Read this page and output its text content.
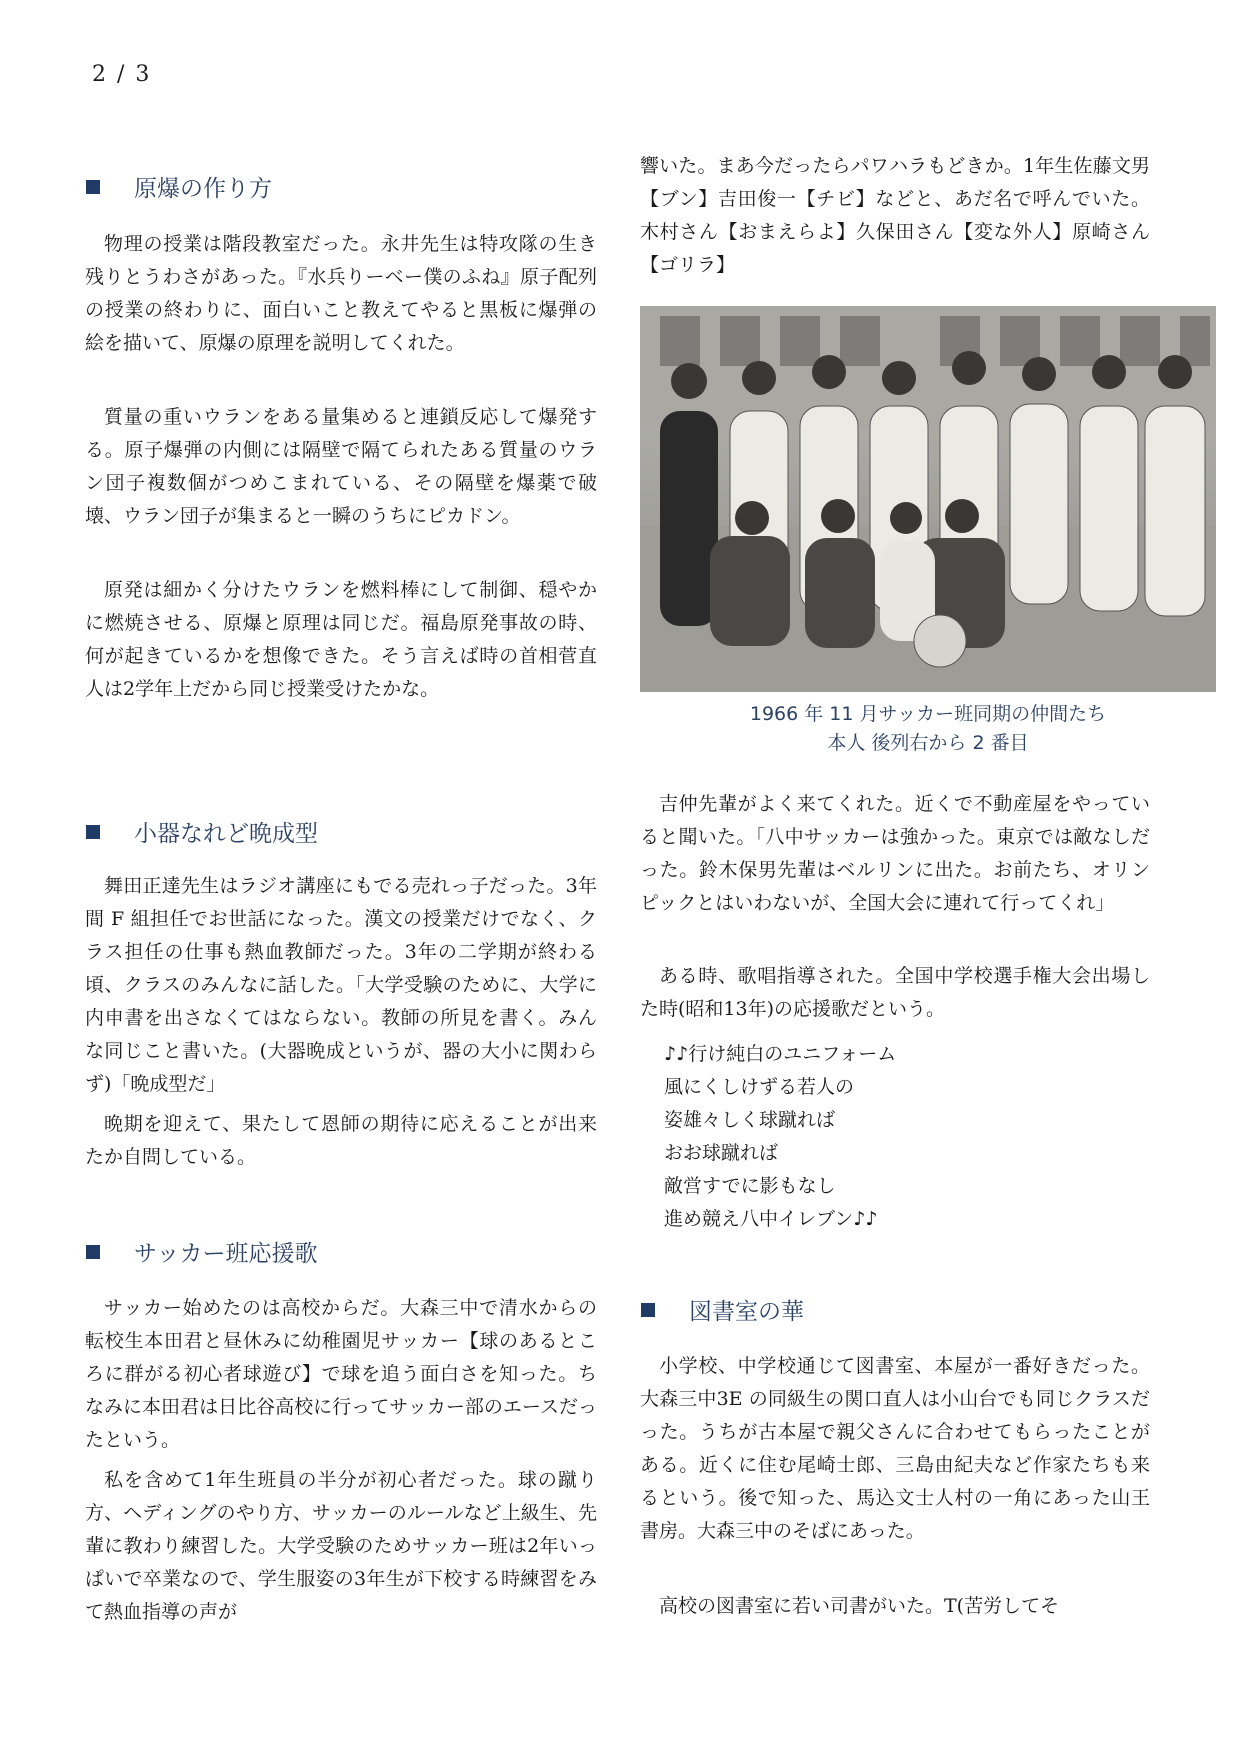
2 / 3
原爆の作り方

物理の授業は階段教室だった。永井先生は特攻隊の生き残りとうわさがあった。『水兵りーベー僕のふね』原子配列の授業の終わりに、面白いこと教えてやると黒板に爆弾の絵を描いて、原爆の原理を説明してくれた。

質量の重いウランをある量集めると連鎖反応して爆発する。原子爆弾の内側には隔壁で隔てられたある質量のウラン団子複数個がつめこまれている、その隔壁を爆薬で破壊、ウラン団子が集まると一瞬のうちにピカドン。

原発は細かく分けたウランを燃料棒にして制御、穏やかに燃焼させる、原爆と原理は同じだ。福島原発事故の時、何が起きているかを想像できた。そう言えば時の首相菅直人は2学年上だから同じ授業受けたかな。

小器なれど晩成型

舞田正達先生はラジオ講座にもでる売れっ子だった。3年間 F 組担任でお世話になった。漢文の授業だけでなく、クラス担任の仕事も熱血教師だった。3年の二学期が終わる頃、クラスのみんなに話した。「大学受験のために、大学に内申書を出さなくてはならない。教師の所見を書く。みんな同じこと書いた。(大器晩成というが、器の大小に関わらず)「晩成型だ」

晩期を迎えて、果たして恩師の期待に応えることが出来たか自問している。

サッカー班応援歌

サッカー始めたのは高校からだ。大森三中で清水からの転校生本田君と昼休みに幼稚園児サッカー【球のあるところに群がる初心者球遊び】で球を追う面白さを知った。ちなみに本田君は日比谷高校に行ってサッカー部のエースだったという。

私を含めて1年生班員の半分が初心者だった。球の蹴り方、ヘディングのやり方、サッカーのルールなど上級生、先輩に教わり練習した。大学受験のためサッカー班は2年いっぱいで卒業なので、学生服姿の3年生が下校する時練習をみて熱血指導の声が

響いた。まあ今だったらパワハラもどきか。1年生佐藤文男【ブン】吉田俊一【チビ】などと、あだ名で呼んでいた。木村さん【おまえらよ】久保田さん【変な外人】原崎さん【ゴリラ】

1966 年 11 月サッカー班同期の仲間たち
本人 後列右から 2 番目

吉仲先輩がよく来てくれた。近くで不動産屋をやっていると聞いた。「八中サッカーは強かった。東京では敵なしだった。鈴木保男先輩はベルリンに出た。お前たち、オリンピックとはいわないが、全国大会に連れて行ってくれ」

ある時、歌唱指導された。全国中学校選手権大会出場した時(昭和13年)の応援歌だという。

♪♪行け純白のユニフォーム
風にくしけずる若人の
姿雄々しく球蹴れば
おお球蹴れば
敵営すでに影もなし
進め競え八中イレブン♪♪
図書室の華

小学校、中学校通じて図書室、本屋が一番好きだった。大森三中3E の同級生の関口直人は小山台でも同じクラスだった。うちが古本屋で親父さんに合わせてもらったことがある。近くに住む尾崎士郎、三島由紀夫など作家たちも来るという。後で知った、馬込文士人村の一角にあった山王書房。大森三中のそばにあった。

高校の図書室に若い司書がいた。T(苦労してそ
